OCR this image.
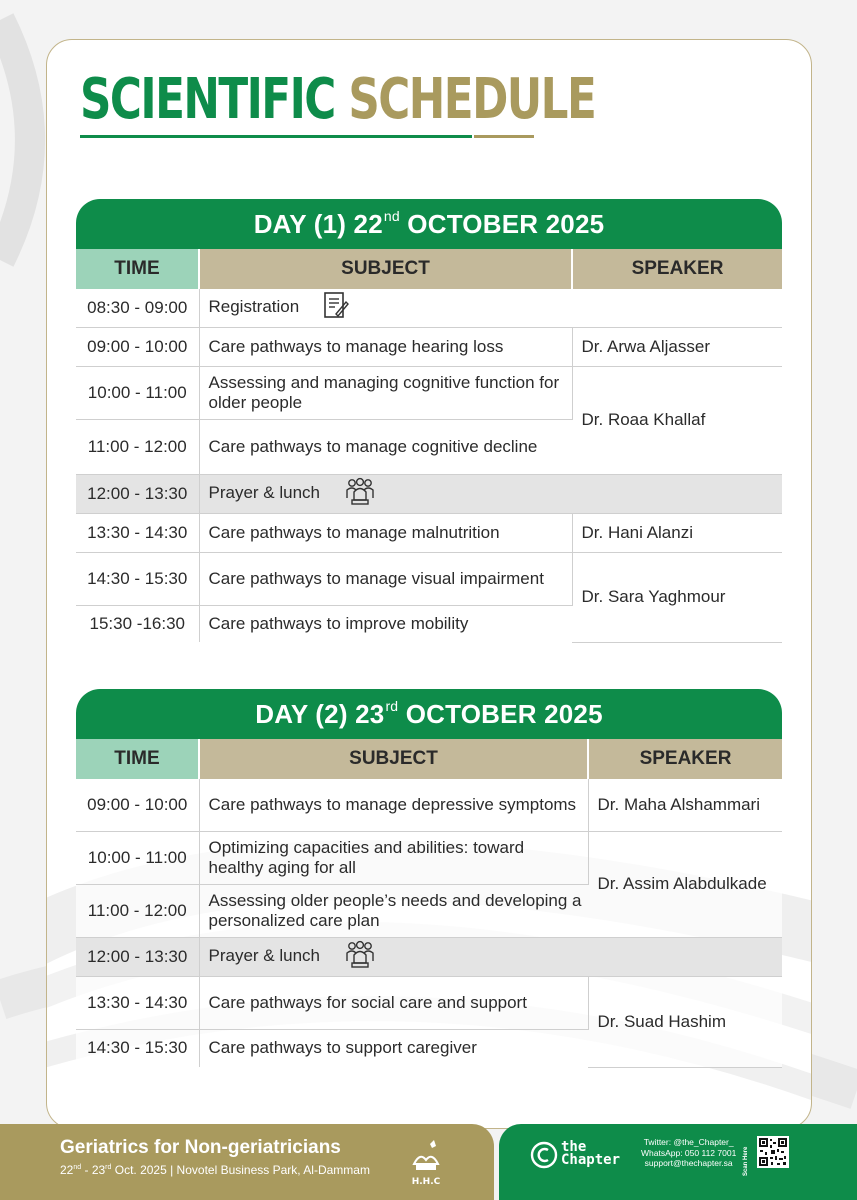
SCIENTIFIC SCHEDULE
DAY (1) 22nd OCTOBER 2025
TIME	SUBJECT	SPEAKER
08:30 - 09:00	Registration	
09:00 - 10:00	Care pathways to manage hearing loss	Dr. Arwa Aljasser
10:00 - 11:00	Assessing and managing cognitive function for older people	Dr. Roaa Khallaf
11:00 - 12:00	Care pathways to manage cognitive decline	
12:00 - 13:30	Prayer & lunch	
13:30 - 14:30	Care pathways to manage malnutrition	Dr. Hani Alanzi
14:30 - 15:30	Care pathways to manage visual impairment	Dr. Sara Yaghmour
15:30 -16:30	Care pathways to improve mobility	
DAY (2) 23rd OCTOBER 2025
TIME	SUBJECT	SPEAKER
09:00 - 10:00	Care pathways to manage depressive symptoms	Dr. Maha Alshammari
10:00 - 11:00	Optimizing capacities and abilities: toward healthy aging for all	Dr. Assim Alabdulkade
11:00 - 12:00	Assessing older people’s needs and developing a personalized care plan	
12:00 - 13:30	Prayer & lunch	
13:30 - 14:30	Care pathways for social care and support	Dr. Suad Hashim
14:30 - 15:30	Care pathways to support caregiver	
Geriatrics for Non-geriatricians
22nd - 23rd Oct. 2025 | Novotel Business Park, Al-Dammam
H.H.C
the
Chapter
Twitter: @the_Chapter_
WhatsApp: 050 112 7001
support@thechapter.sa	Scan Here
